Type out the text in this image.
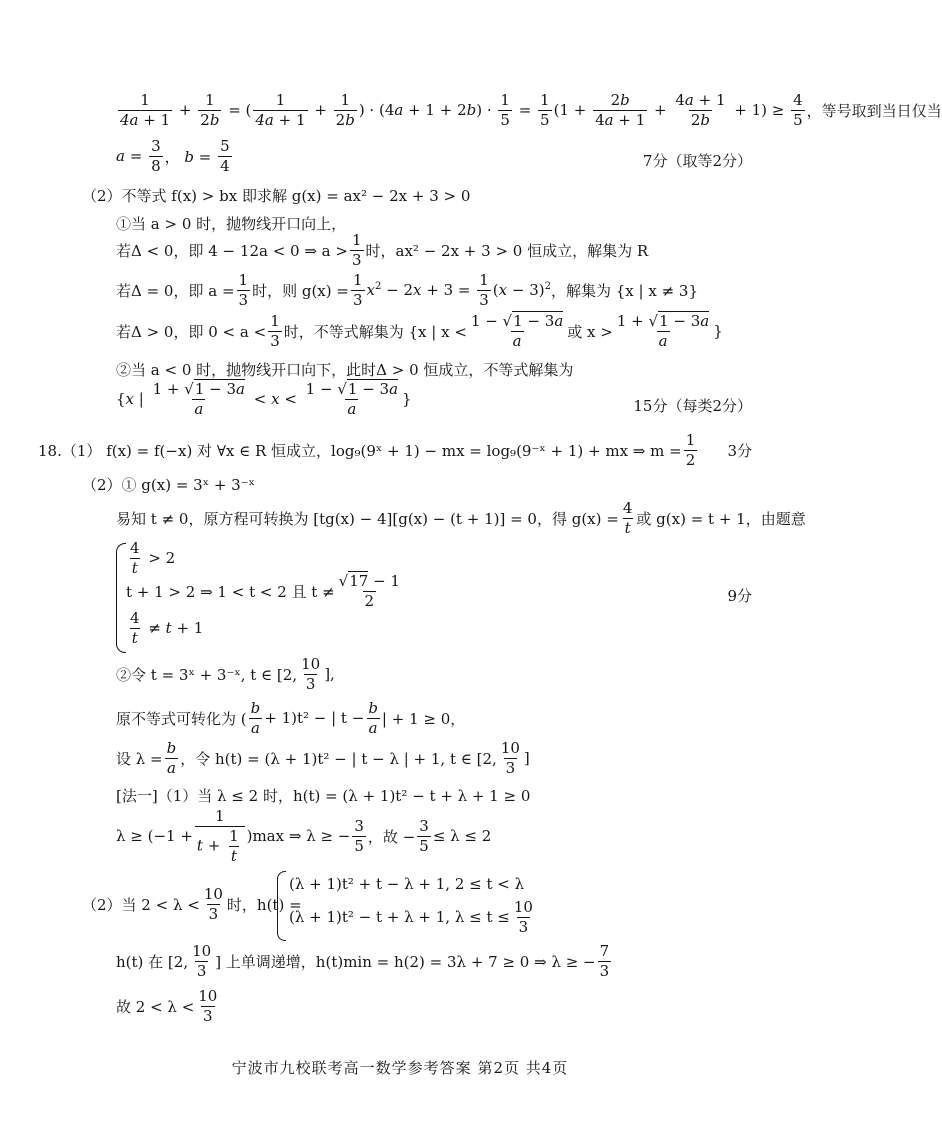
1
4a + 1
+ $\frac{1}{2b}$ = (
1
4a + 1
+ $\frac{1}{2b}$ ) · $(4a + 1 + 2b) \cdot \frac{1}{5} = \frac{1}{5} (1 + \frac{2b}{4a + 1} + \frac{4a + 1}{2b} + 1) \ge \frac{4}{5}$ ，等号取到当日仅当
$a = \frac{3}{8}$ ， $b = \frac{5}{4}$	7分（取等2分）
（2）不等式 f(x) > bx 即求解 g(x) = ax² − 2x + 3 > 0
①当 a > 0 时，抛物线开口向上，
若Δ < 0，即 4 − 12a < 0 ⇒ a >
1
3 时，ax² − 2x + 3 > 0 恒成立，解集为 R
若Δ = 0，即 $a = \frac{1}{3}$ 时，则 $g(x) = \frac{1}{3} x^2 - 2x + 3 = \frac{1}{3} (x - 3)^2$ ，解集为 {x | x ≠ 3}
若Δ > 0，即 0 < a <
1
3 时，不等式解集为 {x | x <
1 − √1 − 3a
a	或 x >
1 + √1 − 3a
a
}
②当 a < 0 时，抛物线开口向下，此时Δ > 0 恒成立，不等式解集为
{x |
1 + √1 − 3a
a
< x <
1 − √1 − 3a
a
}	15分（每类2分）
18.（1）
f(x) = f(−x) 对 ∀x ∈ R 恒成立，log₉(9ˣ + 1) − mx = log₉(9⁻ˣ + 1) + mx ⇒ $m = \frac{1}{2} 3$分
（2）① g(x) = 3ˣ + 3⁻ˣ
易知 t ≠ 0，原方程可转换为 [tg(x) − 4][g(x) − (t + 1)] = 0，得 $g(x) = \frac{4}{t}$ 或 g(x) = t + 1，由题意
4
t
> 2
t + 1 > 2 ⇒ 1 < t < 2 且 t ≠
√17 − 1
2	9分
4
t
≠ t + 1
②令 t = 3ˣ + 3⁻ˣ, t ∈ [2,
10
3
],
原不等式可转化为 (
b
a
+ 1)t² − | $t - \frac{b}{a}$ | + 1 ≥ 0，
设 $\lambda = \frac{b}{a}$ ，令 h(t) = (λ + 1)t² − | t − λ | + 1, t ∈ [2,
10
3
]
[法一]（1）当 λ ≤ 2 时，h(t) = (λ + 1)t² − t + λ + 1 ≥ 0
$\lambda \ge (-1 + \frac{1}{t + \frac{1}{t}} )\max$ ⇒ λ ≥ − $\frac{3}{5}$ ，故 − $\frac{3}{5} \le \lambda \le 2$
（2）当 2 < λ <
10
3 时，h(t) =
(λ + 1)t² + t − λ + 1, 2 ≤ t < λ
(λ + 1)t² − t + λ + 1, $\lambda \le t \le \frac{10}{3}$
h(t) 在 [2,
10
3 ] 上单调递增，h(t)min = h(2) = 3λ + 7 ≥ 0 ⇒ λ ≥ − $\frac{7}{3}$
故 2 < λ <
10
3
宁波市九校联考高一数学参考答案 第2页 共4页
